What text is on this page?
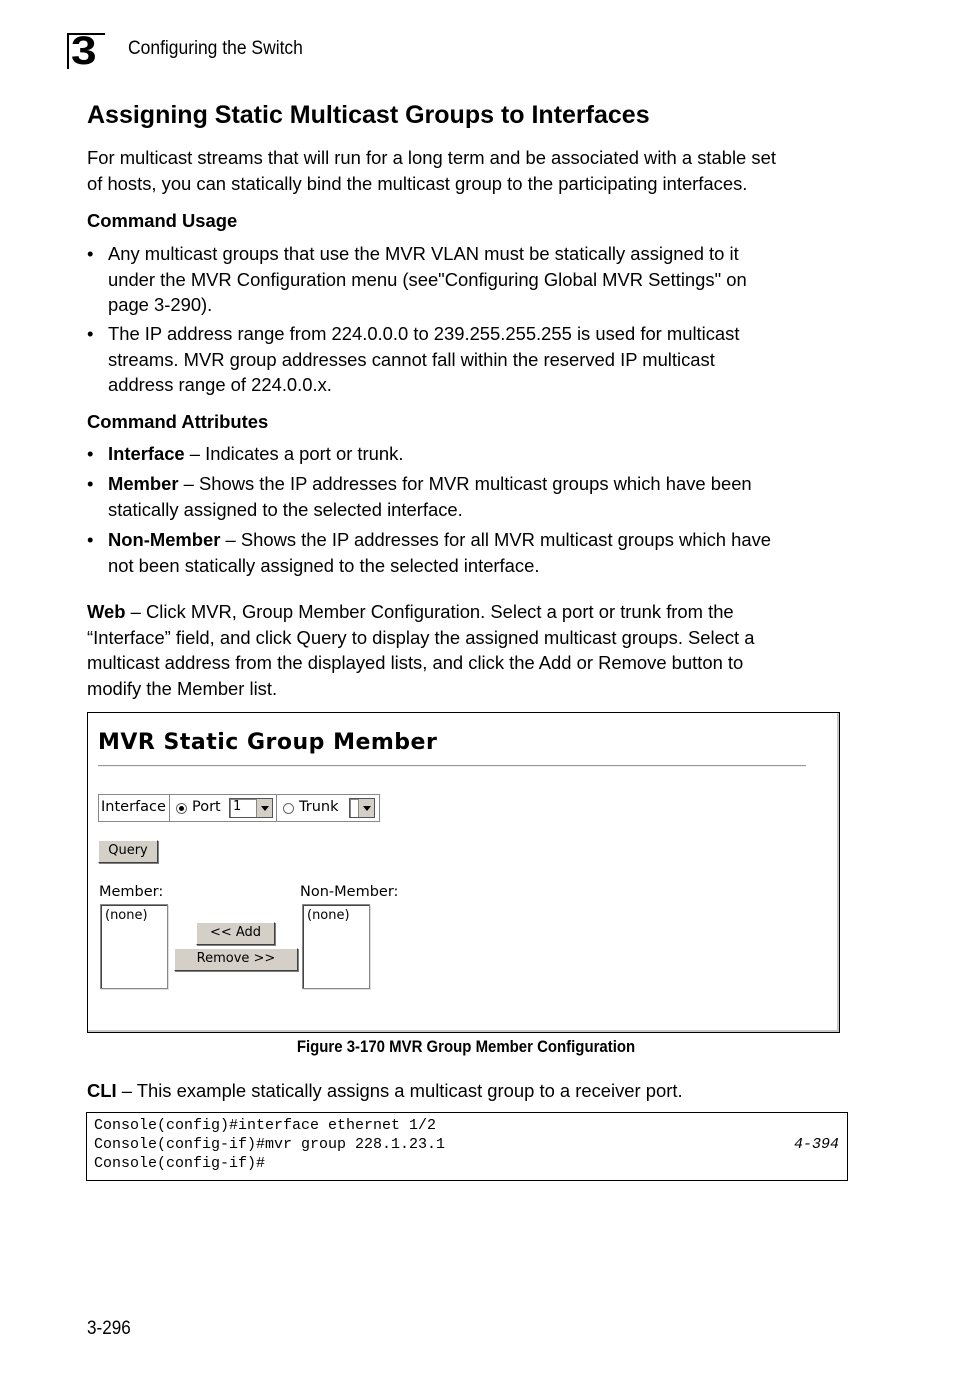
3 Configuring the Switch
Assigning Static Multicast Groups to Interfaces

For multicast streams that will run for a long term and be associated with a stable set
of hosts, you can statically bind the multicast group to the participating interfaces.

Command Usage
• Any multicast groups that use the MVR VLAN must be statically assigned to it
under the MVR Configuration menu (see"Configuring Global MVR Settings" on
page 3-290).
• The IP address range from 224.0.0.0 to 239.255.255.255 is used for multicast
streams. MVR group addresses cannot fall within the reserved IP multicast
address range of 224.0.0.x.
Command Attributes
• Interface – Indicates a port or trunk.
• Member – Shows the IP addresses for MVR multicast groups which have been
statically assigned to the selected interface.
• Non-Member – Shows the IP addresses for all MVR multicast groups which have
not been statically assigned to the selected interface.

Web – Click MVR, Group Member Configuration. Select a port or trunk from the
“Interface” field, and click Query to display the assigned multicast groups. Select a
multicast address from the displayed lists, and click the Add or Remove button to
modify the Member list.

MVR Static Group Member
Interface Port 1	Trunk
Query
Member:	Non-Member:
(none)	(none)
<< Add
Remove >>
Figure 3-170 MVR Group Member Configuration

CLI – This example statically assigns a multicast group to a receiver port.

Console(config)#interface ethernet 1/2
Console(config-if)#mvr group 228.1.23.1	4-394
Console(config-if)#
3-296
